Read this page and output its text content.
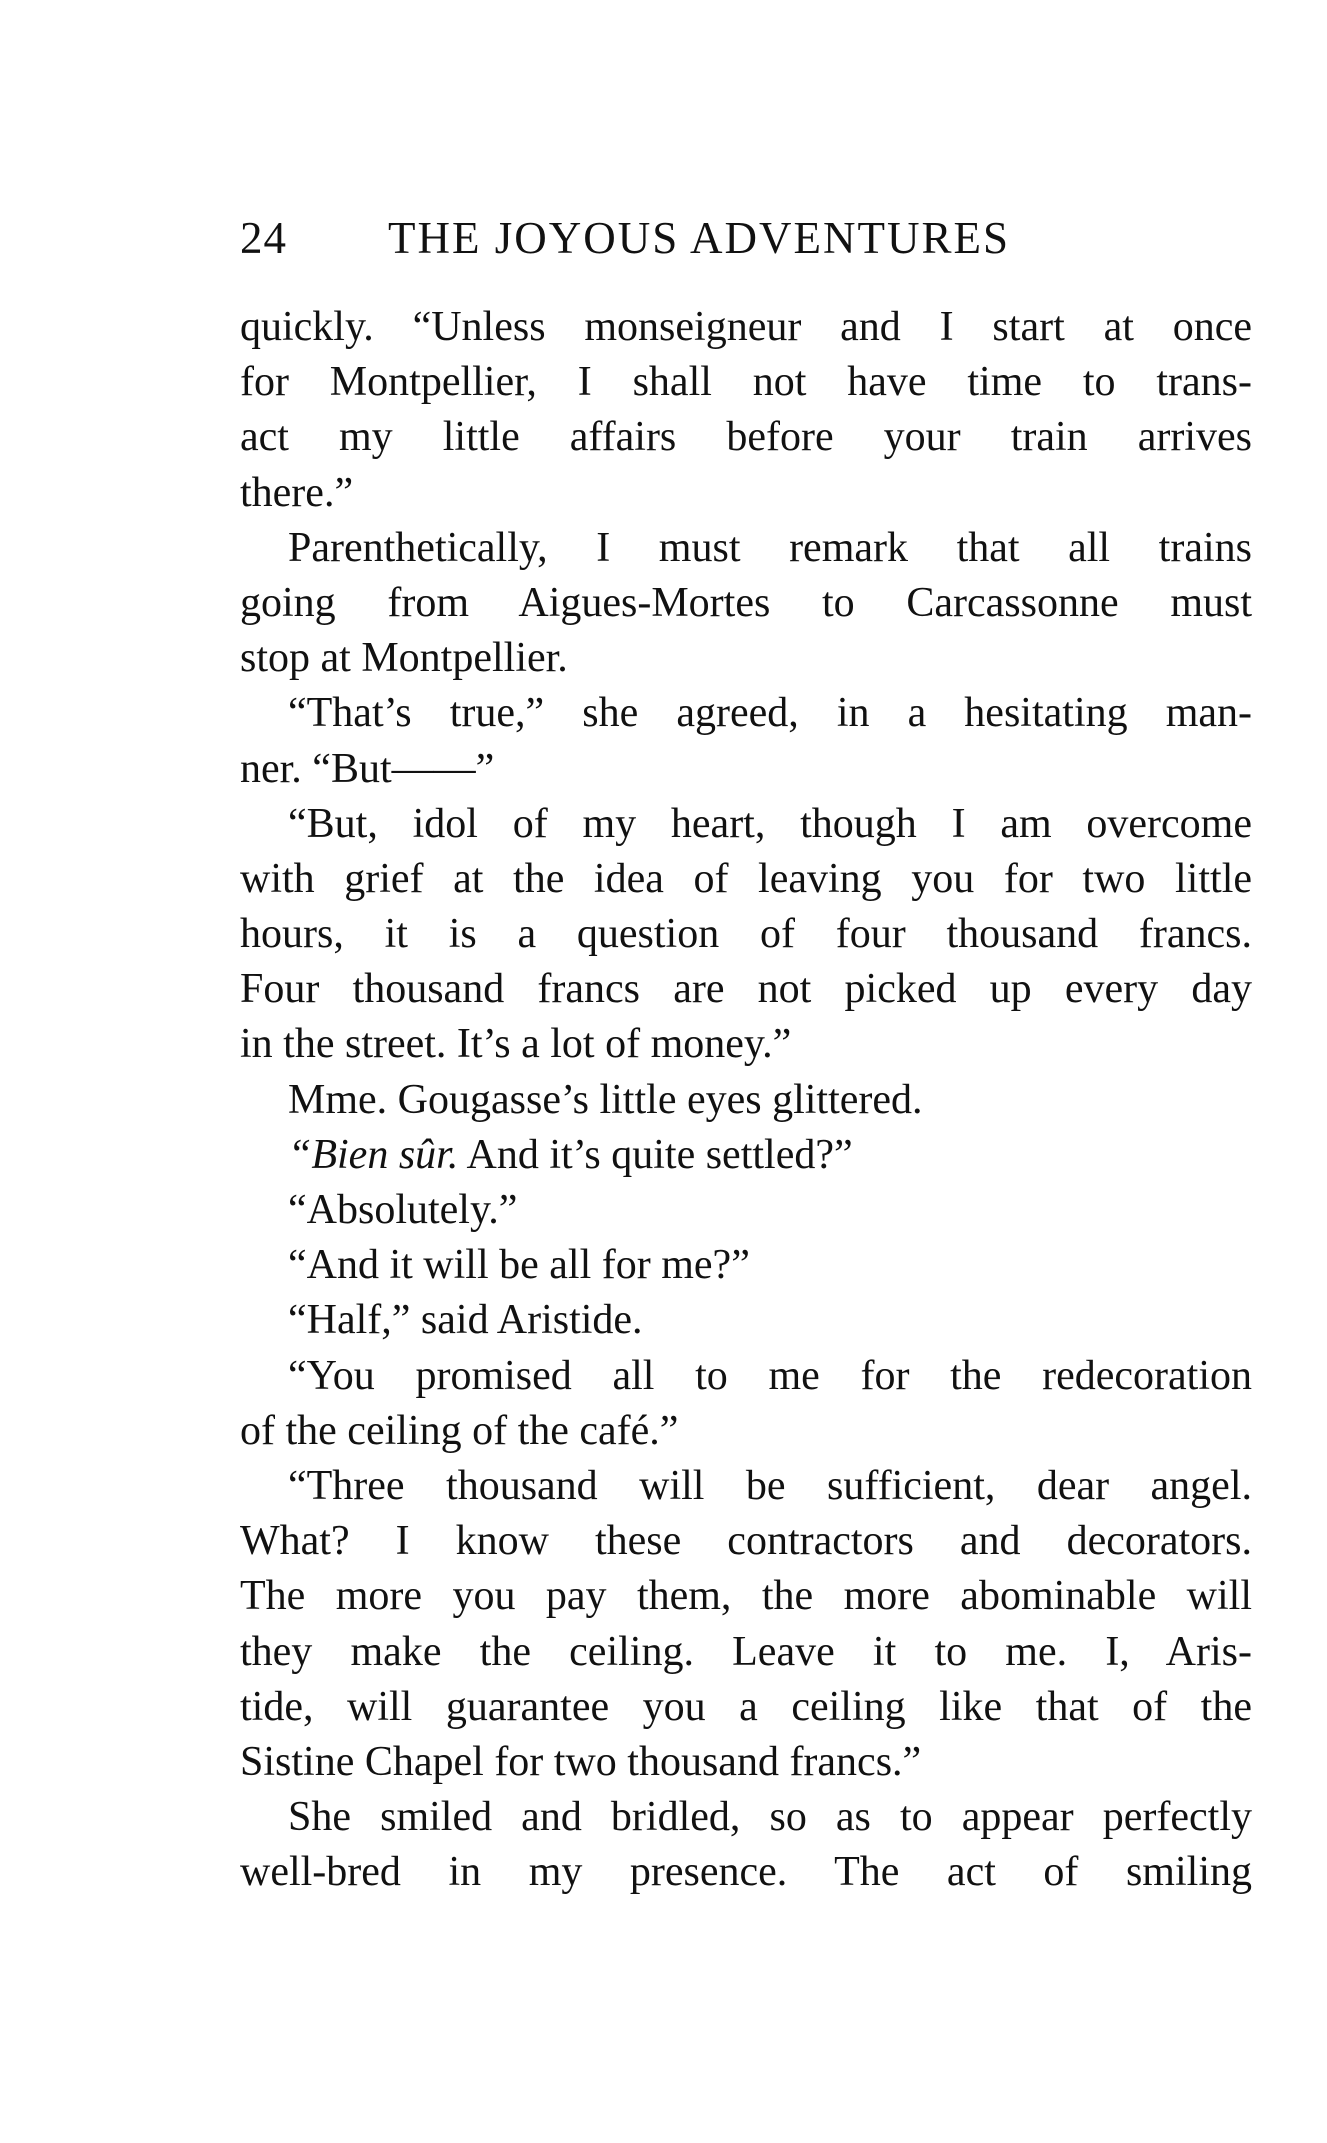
24 THE JOYOUS ADVENTURES
quickly. “Unless monseigneur and I start at once
for Montpellier, I shall not have time to trans-
act my little affairs before your train arrives
there.”
Parenthetically, I must remark that all trains
going from Aigues-Mortes to Carcassonne must
stop at Montpellier.
“That’s true,” she agreed, in a hesitating man-
ner. “But——”
“But, idol of my heart, though I am overcome
with grief at the idea of leaving you for two little
hours, it is a question of four thousand francs.
Four thousand francs are not picked up every day
in the street. It’s a lot of money.”
Mme. Gougasse’s little eyes glittered.
“Bien sûr. And it’s quite settled?”
“Absolutely.”
“And it will be all for me?”
“Half,” said Aristide.
“You promised all to me for the redecoration
of the ceiling of the café.”
“Three thousand will be sufficient, dear angel.
What? I know these contractors and decorators.
The more you pay them, the more abominable will
they make the ceiling. Leave it to me. I, Aris-
tide, will guarantee you a ceiling like that of the
Sistine Chapel for two thousand francs.”
She smiled and bridled, so as to appear perfectly
well-bred in my presence. The act of smiling
